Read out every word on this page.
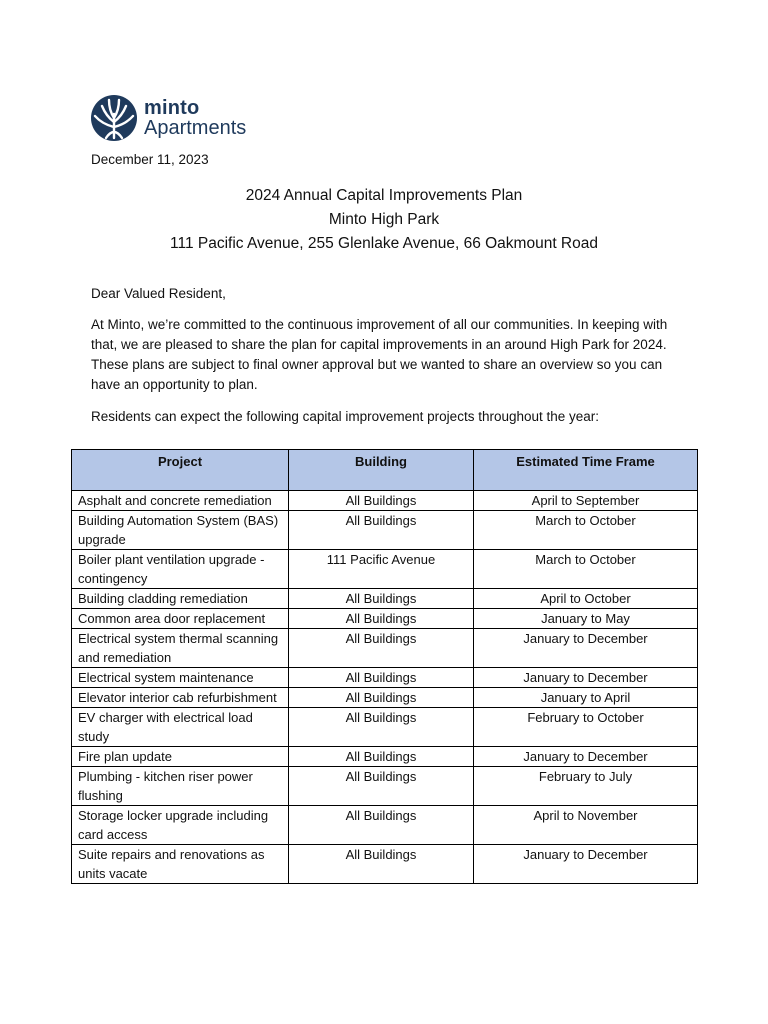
minto
Apartments
December 11, 2023
2024 Annual Capital Improvements Plan
Minto High Park
111 Pacific Avenue, 255 Glenlake Avenue, 66 Oakmount Road

Dear Valued Resident,

At Minto, we’re committed to the continuous improvement of all our communities. In keeping with that, we are pleased to share the plan for capital improvements in an around High Park for 2024. These plans are subject to final owner approval but we wanted to share an overview so you can have an opportunity to plan.

Residents can expect the following capital improvement projects throughout the year:

Project	Building	Estimated Time Frame
Asphalt and concrete remediation	All Buildings	April to September
Building Automation System (BAS) upgrade	All Buildings	March to October
Boiler plant ventilation upgrade - contingency	111 Pacific Avenue	March to October
Building cladding remediation	All Buildings	April to October
Common area door replacement	All Buildings	January to May
Electrical system thermal scanning and remediation	All Buildings	January to December
Electrical system maintenance	All Buildings	January to December
Elevator interior cab refurbishment	All Buildings	January to April
EV charger with electrical load study	All Buildings	February to October
Fire plan update	All Buildings	January to December
Plumbing - kitchen riser power flushing	All Buildings	February to July
Storage locker upgrade including card access	All Buildings	April to November
Suite repairs and renovations as units vacate	All Buildings	January to December
